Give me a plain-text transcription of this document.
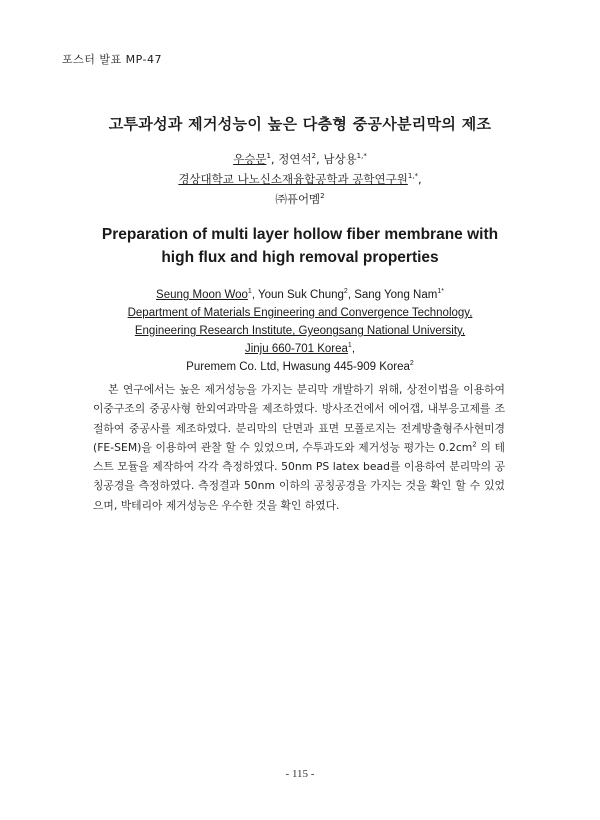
포스터 발표 MP-47
고투과성과 제거성능이 높은 다층형 중공사분리막의 제조
우승문$^1$, 정연석$^2$, 남상용$^{1,*}$
경상대학교 나노신소재융합공학과 공학연구원$^{1,*}$,
㈜퓨어멤$^2$
Preparation of multi layer hollow fiber membrane with
high flux and high removal properties
Seung Moon Woo$^1$, Youn Suk Chung$^2$, Sang Yong Nam$^{1*}$
Department of Materials Engineering and Convergence Technology,
Engineering Research Institute, Gyeongsang National University,
Jinju 660-701 Korea$^1$,
Puremem Co. Ltd, Hwasung 445-909 Korea$^2$

본 연구에서는 높은 제거성능을 가지는 분리막 개발하기 위해, 상전이법을 이용하여 이중구조의 중공사형 한외여과막을 제조하였다. 방사조건에서 에어갭, 내부응고제를 조절하여 중공사를 제조하였다. 분리막의 단면과 표면 모폴로지는 전계방출형주사현미경(FE-SEM)을 이용하여 관찰 할 수 있었으며, 수투과도와 제거성능 평가는 $0.2cm^2$ 의 테스트 모듈을 제작하여 각각 측정하였다. 50nm PS latex bead를 이용하여 분리막의 공칭공경을 측정하였다. 측정결과 50nm 이하의 공칭공경을 가지는 것을 확인 할 수 있었으며, 박테리아 제거성능은 우수한 것을 확인 하였다.

- 115 -
